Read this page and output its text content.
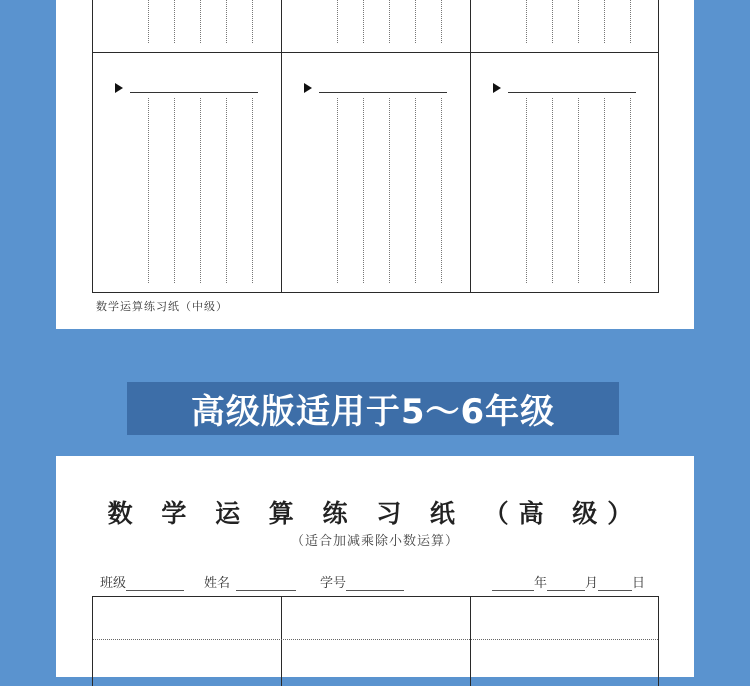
数学运算练习纸（中级）
高级版适用于5～6年级
数 学 运 算 练 习 纸 （高 级）
（适合加减乘除小数运算）
班级	姓名	学号	年	月	日
